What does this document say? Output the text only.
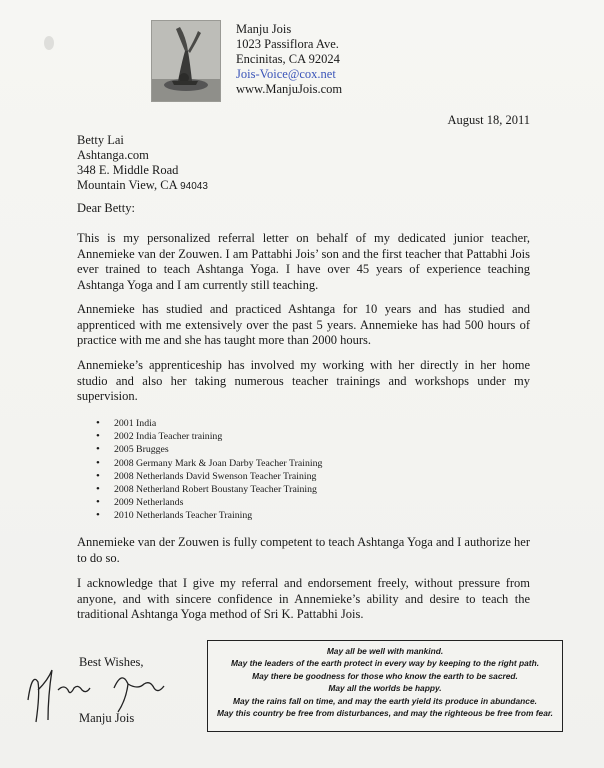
Manju Jois
1023 Passiflora Ave.
Encinitas, CA 92024
Jois-Voice@cox.net
www.ManjuJois.com
August 18, 2011
Betty Lai
Ashtanga.com
348 E. Middle Road
Mountain View, CA 94043
Dear Betty:

This is my personalized referral letter on behalf of my dedicated junior teacher, Annemieke van der Zouwen. I am Pattabhi Jois’ son and the first teacher that Pattabhi Jois ever trained to teach Ashtanga Yoga. I have over 45 years of experience teaching Ashtanga Yoga and I am currently still teaching.

Annemieke has studied and practiced Ashtanga for 10 years and has studied and apprenticed with me extensively over the past 5 years. Annemieke has had 500 hours of practice with me and she has taught more than 2000 hours.

Annemieke’s apprenticeship has involved my working with her directly in her home studio and also her taking numerous teacher trainings and workshops under my supervision.

• 2001 India
• 2002 India Teacher training
• 2005 Brugges
• 2008 Germany Mark & Joan Darby Teacher Training
• 2008 Netherlands David Swenson Teacher Training
• 2008 Netherland Robert Boustany Teacher Training
• 2009 Netherlands
• 2010 Netherlands Teacher Training

Annemieke van der Zouwen is fully competent to teach Ashtanga Yoga and I authorize her to do so.

I acknowledge that I give my referral and endorsement freely, without pressure from anyone, and with sincere confidence in Annemieke’s ability and desire to teach the traditional Ashtanga Yoga method of Sri K. Pattabhi Jois.

Best Wishes,
Manju Jois
May all be well with mankind.
May the leaders of the earth protect in every way by keeping to the right path.
May there be goodness for those who know the earth to be sacred.
May all the worlds be happy.
May the rains fall on time, and may the earth yield its produce in abundance.
May this country be free from disturbances, and may the righteous be free from fear.
